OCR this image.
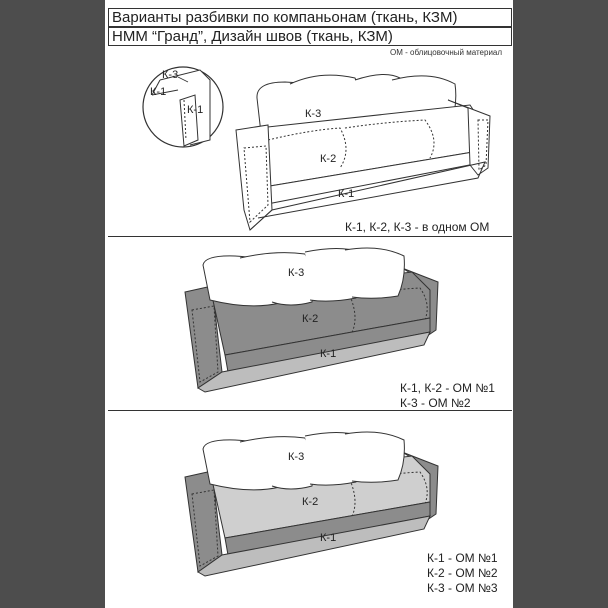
Варианты разбивки по компаньонам (ткань, КЗМ)
НММ “Гранд”, Дизайн швов (ткань, КЗМ)
ОМ - облицовочный материал
К-3
К-2
К-1
К-3
К-1
К-1
К-3
К-2
К-1
К-3
К-2
К-1
К-1, К-2, К-3 - в одном ОМ
К-1, К-2 - ОМ №1
К-3 - ОМ №2
К-1 - ОМ №1
К-2 - ОМ №2
К-3 - ОМ №3
